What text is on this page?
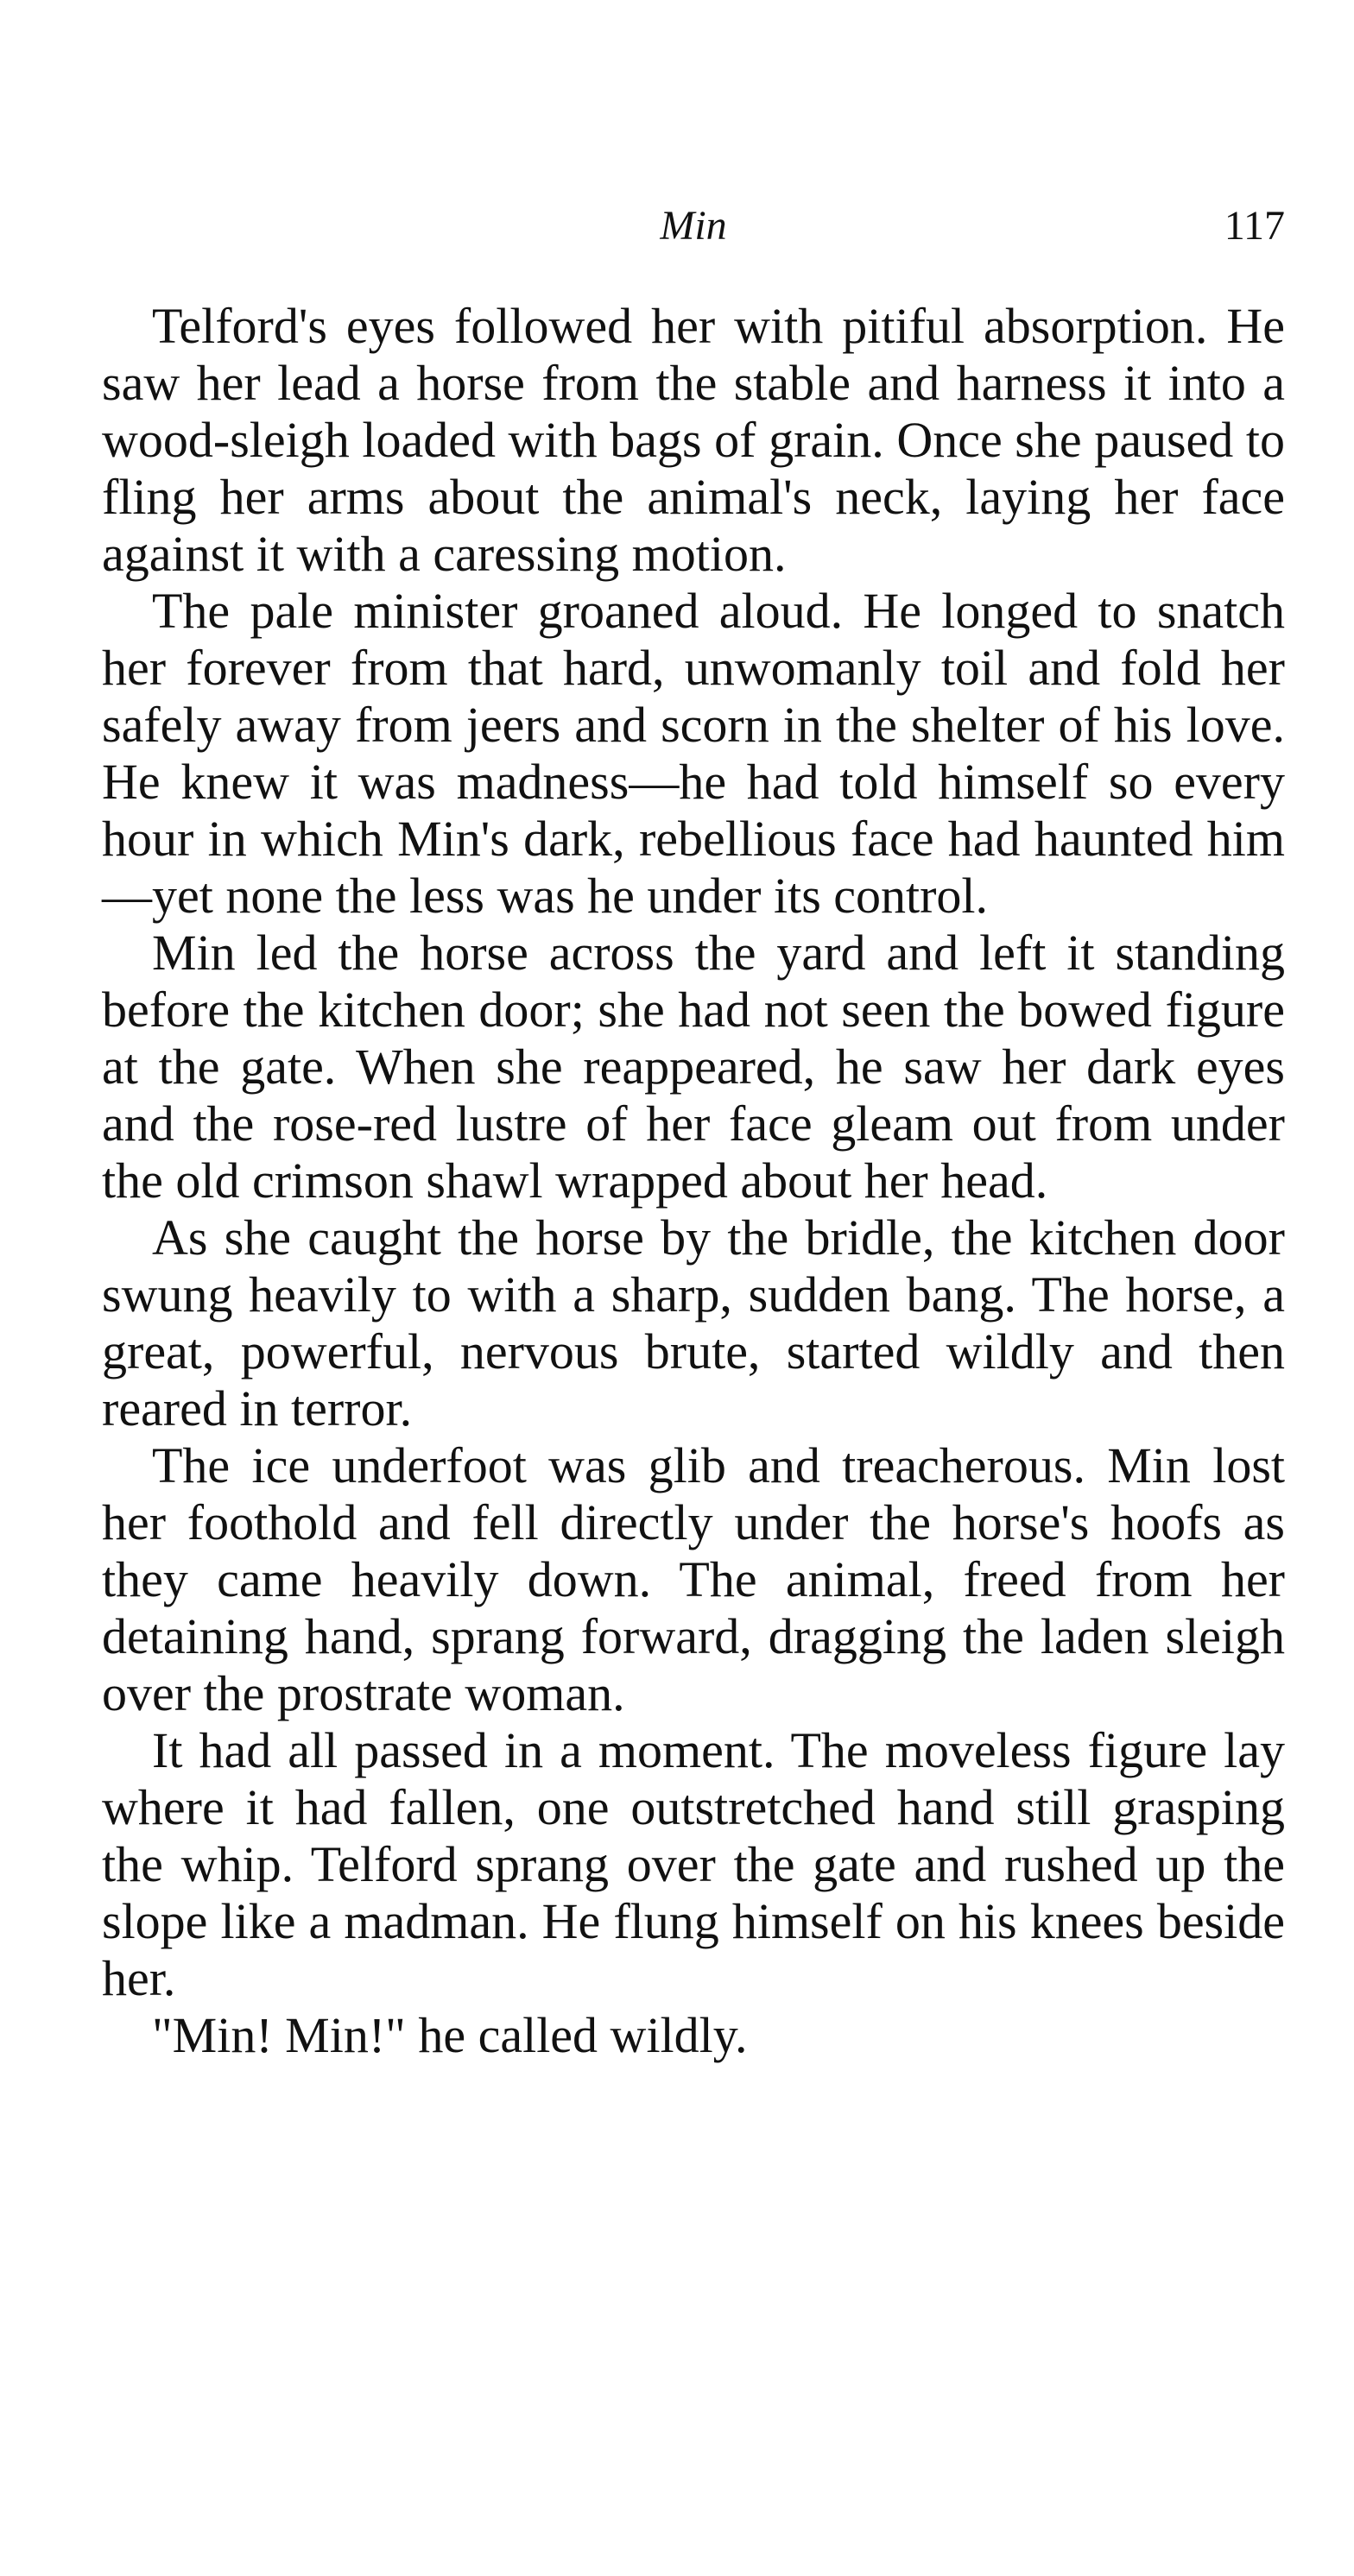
Min	117

Telford's eyes followed her with pitiful absorption. He saw her lead a horse from the stable and harness it into a wood-sleigh loaded with bags of grain. Once she paused to fling her arms about the animal's neck, laying her face against it with a caressing motion.

The pale minister groaned aloud. He longed to snatch her forever from that hard, unwomanly toil and fold her safely away from jeers and scorn in the shelter of his love. He knew it was madness—he had told himself so every hour in which Min's dark, rebellious face had haunted him—yet none the less was he under its control.

Min led the horse across the yard and left it standing before the kitchen door; she had not seen the bowed figure at the gate. When she reappeared, he saw her dark eyes and the rose-red lustre of her face gleam out from under the old crimson shawl wrapped about her head.

As she caught the horse by the bridle, the kitchen door swung heavily to with a sharp, sudden bang. The horse, a great, powerful, nervous brute, started wildly and then reared in terror.

The ice underfoot was glib and treacherous. Min lost her foothold and fell directly under the horse's hoofs as they came heavily down. The animal, freed from her detaining hand, sprang forward, dragging the laden sleigh over the prostrate woman.

It had all passed in a moment. The moveless figure lay where it had fallen, one outstretched hand still grasping the whip. Telford sprang over the gate and rushed up the slope like a madman. He flung himself on his knees beside her.

"Min! Min!" he called wildly.
